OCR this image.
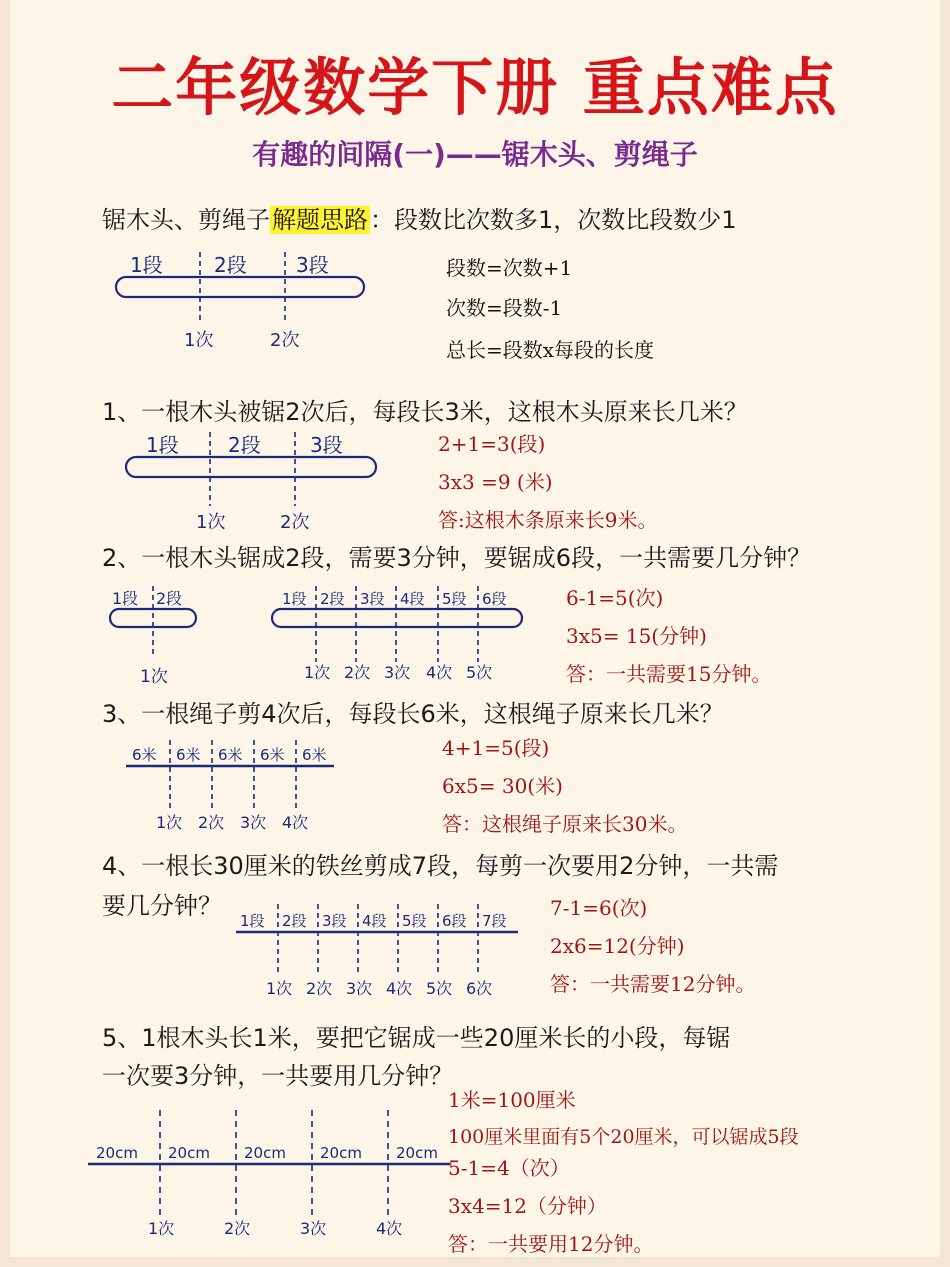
二年级数学下册 重点难点
有趣的间隔(一)——锯木头、剪绳子
锯木头、剪绳子解题思路：段数比次数多1，次数比段数少1
1段	2段 3段
1次	2次
段数=次数+1
次数=段数-1
总长=段数x每段的长度
1、一根木头被锯2次后，每段长3米，这根木头原来长几米？
1段 2段 3段
1次	2次
2+1=3(段)
3x3 =9 (米)
答:这根木条原来长9米。
2、一根木头锯成2段，需要3分钟，要锯成6段，一共需要几分钟？
1段 2段
1次
1段 2段 3段 4段 5段 6段
1次 2次 3次 4次 5次
6-1=5(次)
3x5= 15(分钟)
答：一共需要15分钟。
3、一根绳子剪4次后，每段长6米，这根绳子原来长几米？
6米 6米 6米 6米 6米
1次 2次 3次 4次
4+1=5(段)
6x5= 30(米)
答：这根绳子原来长30米。
4、一根长30厘米的铁丝剪成7段，每剪一次要用2分钟，一共需
要几分钟？
1段 2段 3段 4段 5段 6段 7段
1次 2次 3次 4次 5次 6次
7-1=6(次)
2x6=12(分钟)
答：一共需要12分钟。
5、1根木头长1米，要把它锯成一些20厘米长的小段，每锯
一次要3分钟，一共要用几分钟？
20cm 20cm 20cm 20cm 20cm
1次	2次	3次	4次
1米=100厘米
100厘米里面有5个20厘米，可以锯成5段
5-1=4（次）
3x4=12（分钟）
答：一共要用12分钟。
